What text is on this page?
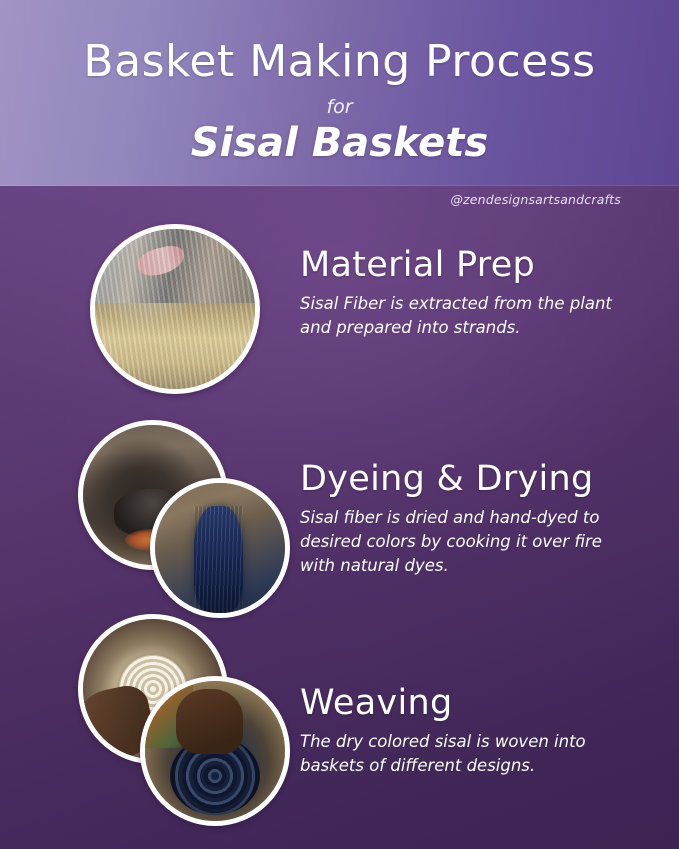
Basket Making Process
for
Sisal Baskets
@zendesignsartsandcrafts

Material Prep

Sisal Fiber is extracted from the plant and prepared into strands.

Dyeing & Drying

Sisal fiber is dried and hand-dyed to desired colors by cooking it over fire with natural dyes.

Weaving

The dry colored sisal is woven into baskets of different designs.
